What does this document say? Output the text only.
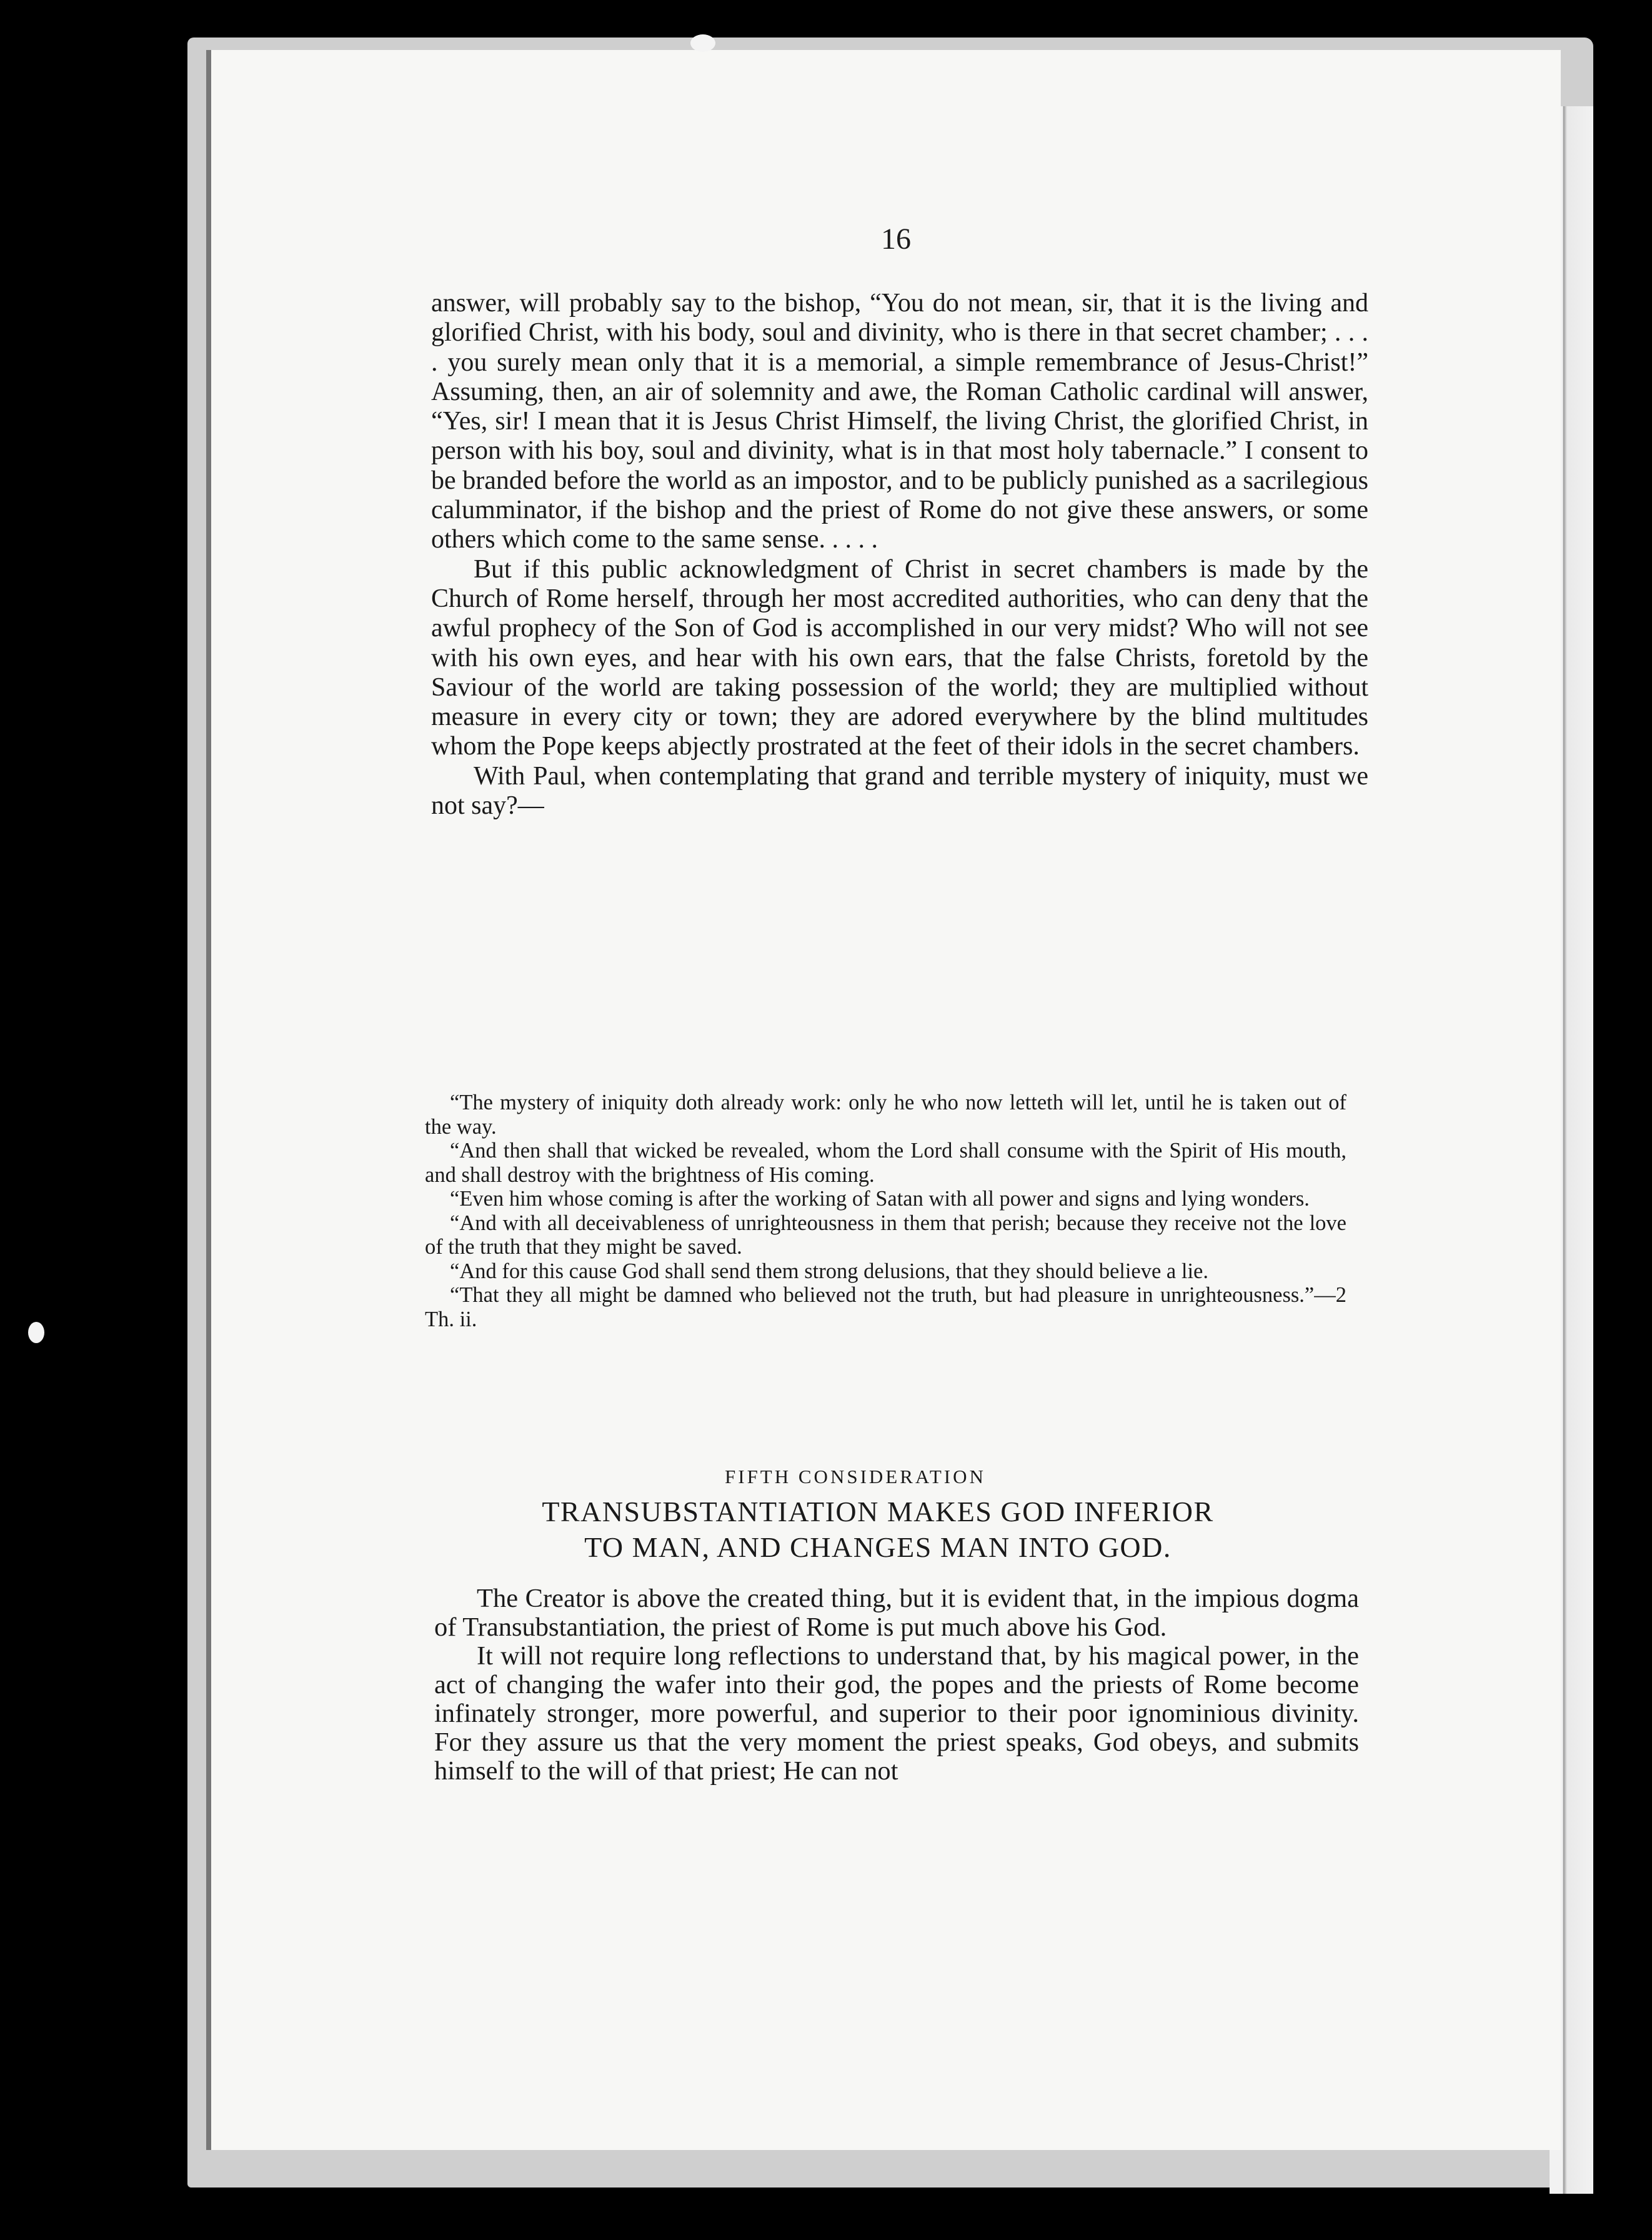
16

answer, will probably say to the bishop, “You do not mean, sir, that it is the living and glorified Christ, with his body, soul and divinity, who is there in that secret chamber; . . . . you surely mean only that it is a memorial, a simple remembrance of Jesus-Christ!” Assuming, then, an air of solemnity and awe, the Roman Catholic cardinal will answer, “Yes, sir! I mean that it is Jesus Christ Himself, the living Christ, the glorified Christ, in person with his boy, soul and divinity, what is in that most holy tabernacle.” I consent to be branded before the world as an impostor, and to be publicly punished as a sacrilegious calumminator, if the bishop and the priest of Rome do not give these answers, or some others which come to the same sense. . . . .

But if this public acknowledgment of Christ in secret chambers is made by the Church of Rome herself, through her most accredited authorities, who can deny that the awful prophecy of the Son of God is accomplished in our very midst? Who will not see with his own eyes, and hear with his own ears, that the false Christs, foretold by the Saviour of the world are taking possession of the world; they are multiplied without measure in every city or town; they are adored everywhere by the blind multitudes whom the Pope keeps abjectly prostrated at the feet of their idols in the secret chambers.

With Paul, when contemplating that grand and terrible mystery of iniquity, must we not say?—

“The mystery of iniquity doth already work: only he who now letteth will let, until he is taken out of the way.

“And then shall that wicked be revealed, whom the Lord shall consume with the Spirit of His mouth, and shall destroy with the brightness of His coming.

“Even him whose coming is after the working of Satan with all power and signs and lying wonders.

“And with all deceivableness of unrighteousness in them that perish; because they receive not the love of the truth that they might be saved.

“And for this cause God shall send them strong delusions, that they should believe a lie.

“That they all might be damned who believed not the truth, but had pleasure in unrighteousness.”—2 Th. ii.

FIFTH CONSIDERATION
TRANSUBSTANTIATION MAKES GOD INFERIOR
TO MAN, AND CHANGES MAN INTO GOD.

The Creator is above the created thing, but it is evident that, in the impious dogma of Transubstantiation, the priest of Rome is put much above his God.

It will not require long reflections to understand that, by his magical power, in the act of changing the wafer into their god, the popes and the priests of Rome become infinately stronger, more powerful, and superior to their poor ignominious divinity. For they assure us that the very moment the priest speaks, God obeys, and submits himself to the will of that priest; He can not
